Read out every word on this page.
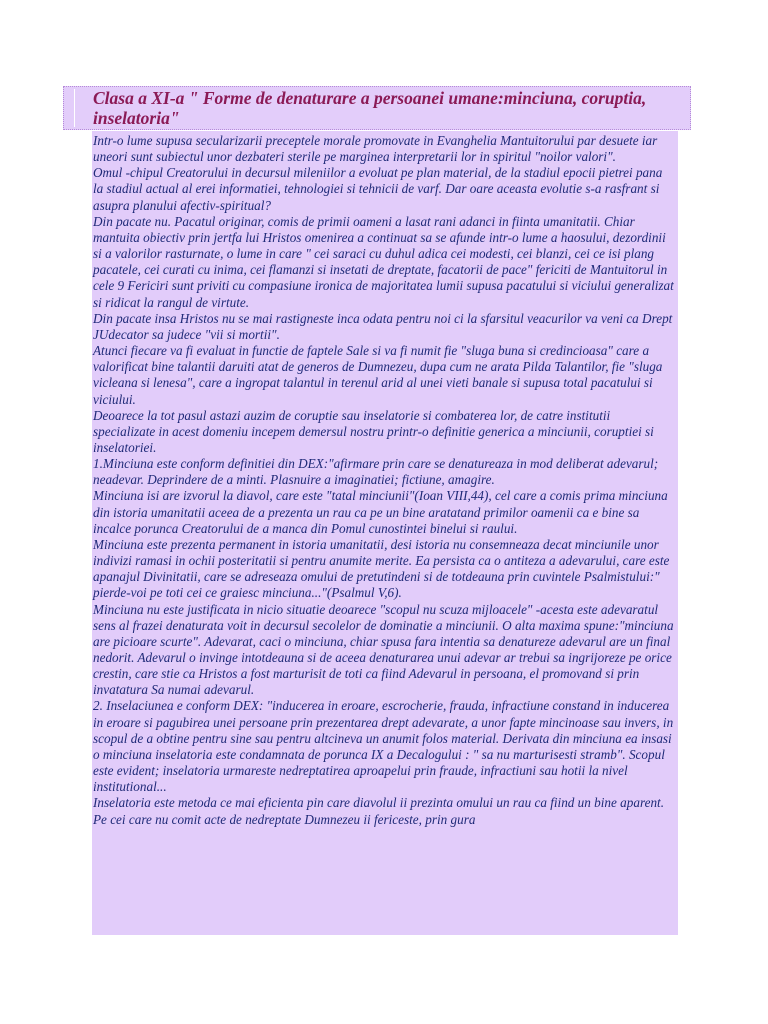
Clasa a XI-a " Forme de denaturare a persoanei umane:minciuna, coruptia, inselatoria"

Intr-o lume supusa secularizarii preceptele morale promovate in Evanghelia Mantuitorului par desuete iar uneori sunt subiectul unor dezbateri sterile pe marginea interpretarii lor in spiritul "noilor valori".

Omul -chipul Creatorului in decursul mileniilor a evoluat pe plan material, de la stadiul epocii pietrei pana la stadiul actual al erei informatiei, tehnologiei si tehnicii de varf. Dar oare aceasta evolutie s-a rasfrant si asupra planului afectiv-spiritual?

Din pacate nu. Pacatul originar, comis de primii oameni a lasat rani adanci in fiinta umanitatii. Chiar mantuita obiectiv prin jertfa lui Hristos omenirea a continuat sa se afunde intr-o lume a haosului, dezordinii si a valorilor rasturnate, o lume in care " cei saraci cu duhul adica cei modesti, cei blanzi, cei ce isi plang pacatele, cei curati cu inima, cei flamanzi si insetati de dreptate, facatorii de pace" fericiti de Mantuitorul in cele 9 Fericiri sunt priviti cu compasiune ironica de majoritatea lumii supusa pacatului si viciului generalizat si ridicat la rangul de virtute.

Din pacate insa Hristos nu se mai rastigneste inca odata pentru noi ci la sfarsitul veacurilor va veni ca Drept JUdecator sa judece "vii si mortii".

Atunci fiecare va fi evaluat in functie de faptele Sale si va fi numit fie "sluga buna si credincioasa" care a valorificat bine talantii daruiti atat de generos de Dumnezeu, dupa cum ne arata Pilda Talantilor, fie "sluga vicleana si lenesa", care a ingropat talantul in terenul arid al unei vieti banale si supusa total pacatului si viciului.

Deoarece la tot pasul astazi auzim de coruptie sau inselatorie si combaterea lor, de catre institutii specializate in acest domeniu incepem demersul nostru printr-o definitie generica a minciunii, coruptiei si inselatoriei.

1.Minciuna este conform definitiei din DEX:"afirmare prin care se denatureaza in mod deliberat adevarul; neadevar. Deprindere de a minti. Plasnuire a imaginatiei; fictiune, amagire.

Minciuna isi are izvorul la diavol, care este "tatal minciunii"(Ioan VIII,44), cel care a comis prima minciuna din istoria umanitatii aceea de a prezenta un rau ca pe un bine aratatand primilor oamenii ca e bine sa incalce porunca Creatorului de a manca din Pomul cunostintei binelui si raului.

Minciuna este prezenta permanent in istoria umanitatii, desi istoria nu consemneaza decat minciunile unor indivizi ramasi in ochii posteritatii si pentru anumite merite. Ea persista ca o antiteza a adevarului, care este apanajul Divinitatii, care se adreseaza omului de pretutindeni si de totdeauna prin cuvintele Psalmistului:" pierde-voi pe toti cei ce graiesc minciuna..."(Psalmul V,6).

Minciuna nu este justificata in nicio situatie deoarece "scopul nu scuza mijloacele" -acesta este adevaratul sens al frazei denaturata voit in decursul secolelor de dominatie a minciunii. O alta maxima spune:"minciuna are picioare scurte". Adevarat, caci o minciuna, chiar spusa fara intentia sa denatureze adevarul are un final nedorit. Adevarul o invinge intotdeauna si de aceea denaturarea unui adevar ar trebui sa ingrijoreze pe orice crestin, care stie ca Hristos a fost marturisit de toti ca fiind Adevarul in persoana, el promovand si prin invatatura Sa numai adevarul.

2. Inselaciunea e conform DEX: "inducerea in eroare, escrocherie, frauda, infractiune constand in inducerea in eroare si pagubirea unei persoane prin prezentarea drept adevarate, a unor fapte mincinoase sau invers, in scopul de a obtine pentru sine sau pentru altcineva un anumit folos material. Derivata din minciuna ea insasi o minciuna inselatoria este condamnata de porunca IX a Decalogului : " sa nu marturisesti stramb". Scopul este evident; inselatoria urmareste nedreptatirea aproapelui prin fraude, infractiuni sau hotii la nivel institutional...

Inselatoria este metoda ce mai eficienta pin care diavolul ii prezinta omului un rau ca fiind un bine aparent. Pe cei care nu comit acte de nedreptate Dumnezeu ii fericeste, prin gura
